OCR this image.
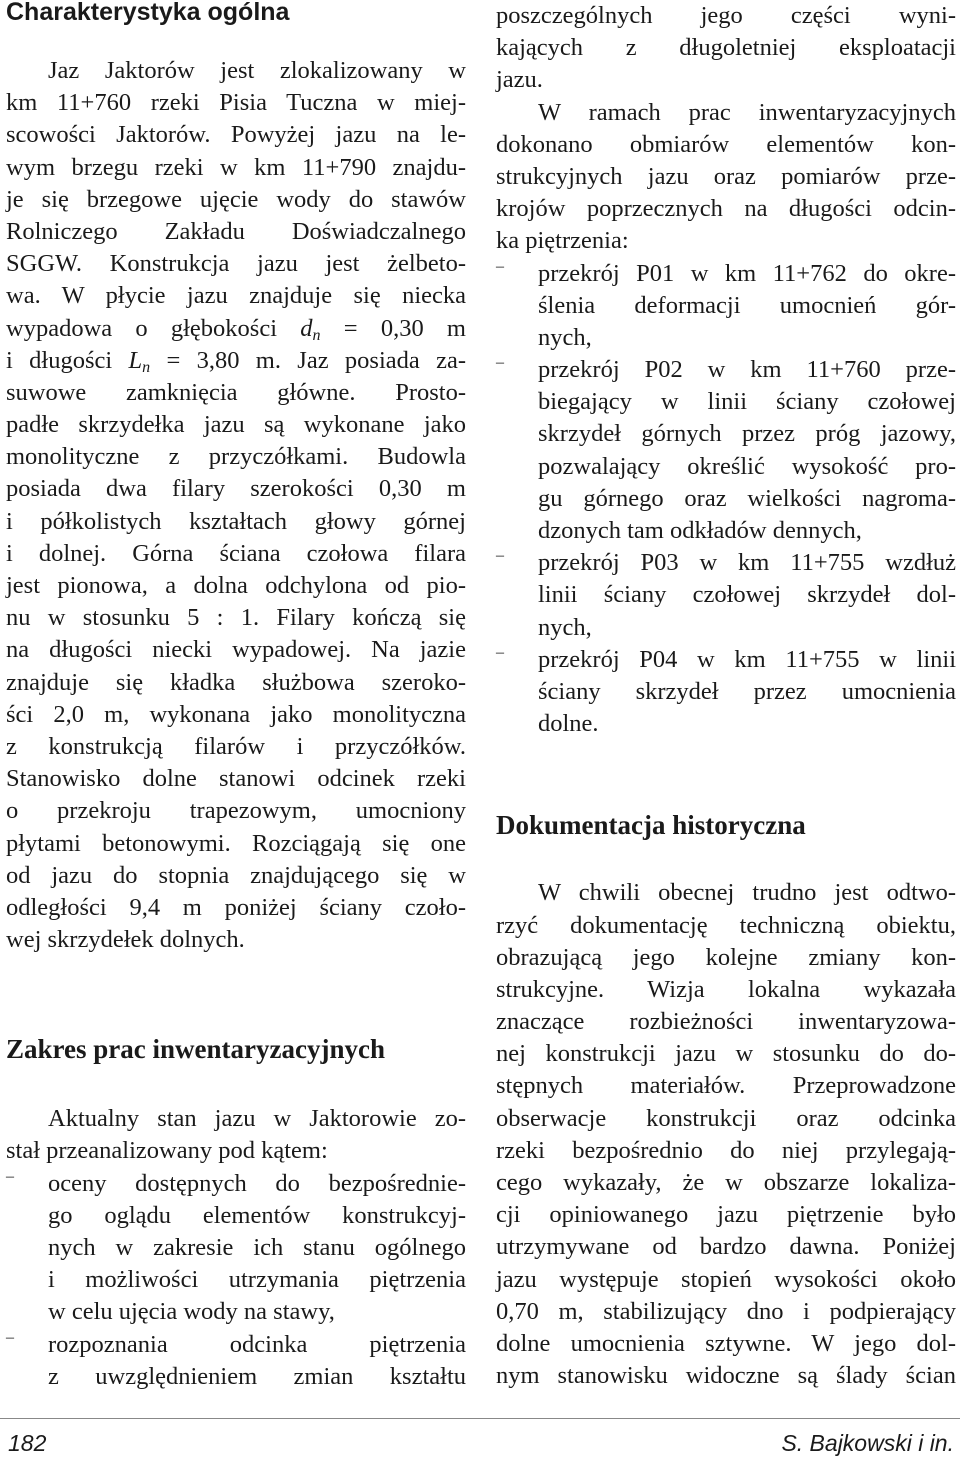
Charakterystyka ogólna
Jaz Jaktorów jest zlokalizowany w
km 11+760 rzeki Pisia Tuczna w miej-
scowości Jaktorów. Powyżej jazu na le-
wym brzegu rzeki w km 11+790 znajdu-
je się brzegowe ujęcie wody do stawów
Rolniczego Zakładu Doświadczalnego
SGGW. Konstrukcja jazu jest żelbeto-
wa. W płycie jazu znajduje się niecka
wypadowa o głębokości $d_n = 0,30$ m
i długości $L_n = 3,80$ m. Jaz posiada za-
suwowe zamknięcia główne. Prosto-
padłe skrzydełka jazu są wykonane jako
monolityczne z przyczółkami. Budowla
posiada dwa filary szerokości 0,30 m
i półkolistych kształtach głowy górnej
i dolnej. Górna ściana czołowa filara
jest pionowa, a dolna odchylona od pio-
nu w stosunku 5 : 1. Filary kończą się
na długości niecki wypadowej. Na jazie
znajduje się kładka służbowa szeroko-
ści 2,0 m, wykonana jako monolityczna
z konstrukcją filarów i przyczółków.
Stanowisko dolne stanowi odcinek rzeki
o przekroju trapezowym, umocniony
płytami betonowymi. Rozciągają się one
od jazu do stopnia znajdującego się w
odległości 9,4 m poniżej ściany czoło-
wej skrzydełek dolnych.
Zakres prac inwentaryzacyjnych
Aktualny stan jazu w Jaktorowie zo-
stał przeanalizowany pod kątem:
–	oceny dostępnych do bezpośrednie-
go oglądu elementów konstrukcyj-
nych w zakresie ich stanu ogólnego
i możliwości utrzymania piętrzenia
w celu ujęcia wody na stawy,
–	rozpoznania odcinka piętrzenia
z uwzględnieniem zmian kształtu
poszczególnych jego części wyni-
kających z długoletniej eksploatacji
jazu.
W ramach prac inwentaryzacyjnych
dokonano obmiarów elementów kon-
strukcyjnych jazu oraz pomiarów prze-
krojów poprzecznych na długości odcin-
ka piętrzenia:
–	przekrój P01 w km 11+762 do okre-
ślenia deformacji umocnień gór-
nych,
–	przekrój P02 w km 11+760 prze-
biegający w linii ściany czołowej
skrzydeł górnych przez próg jazowy,
pozwalający określić wysokość pro-
gu górnego oraz wielkości nagroma-
dzonych tam odkładów dennych,
–	przekrój P03 w km 11+755 wzdłuż
linii ściany czołowej skrzydeł dol-
nych,
–	przekrój P04 w km 11+755 w linii
ściany skrzydeł przez umocnienia
dolne.
Dokumentacja historyczna
W chwili obecnej trudno jest odtwo-
rzyć dokumentację techniczną obiektu,
obrazującą jego kolejne zmiany kon-
strukcyjne. Wizja lokalna wykazała
znaczące rozbieżności inwentaryzowa-
nej konstrukcji jazu w stosunku do do-
stępnych materiałów. Przeprowadzone
obserwacje konstrukcji oraz odcinka
rzeki bezpośrednio do niej przylegają-
cego wykazały, że w obszarze lokaliza-
cji opiniowanego jazu piętrzenie było
utrzymywane od bardzo dawna. Poniżej
jazu występuje stopień wysokości około
0,70 m, stabilizujący dno i podpierający
dolne umocnienia sztywne. W jego dol-
nym stanowisku widoczne są ślady ścian
182	S. Bajkowski i in.
